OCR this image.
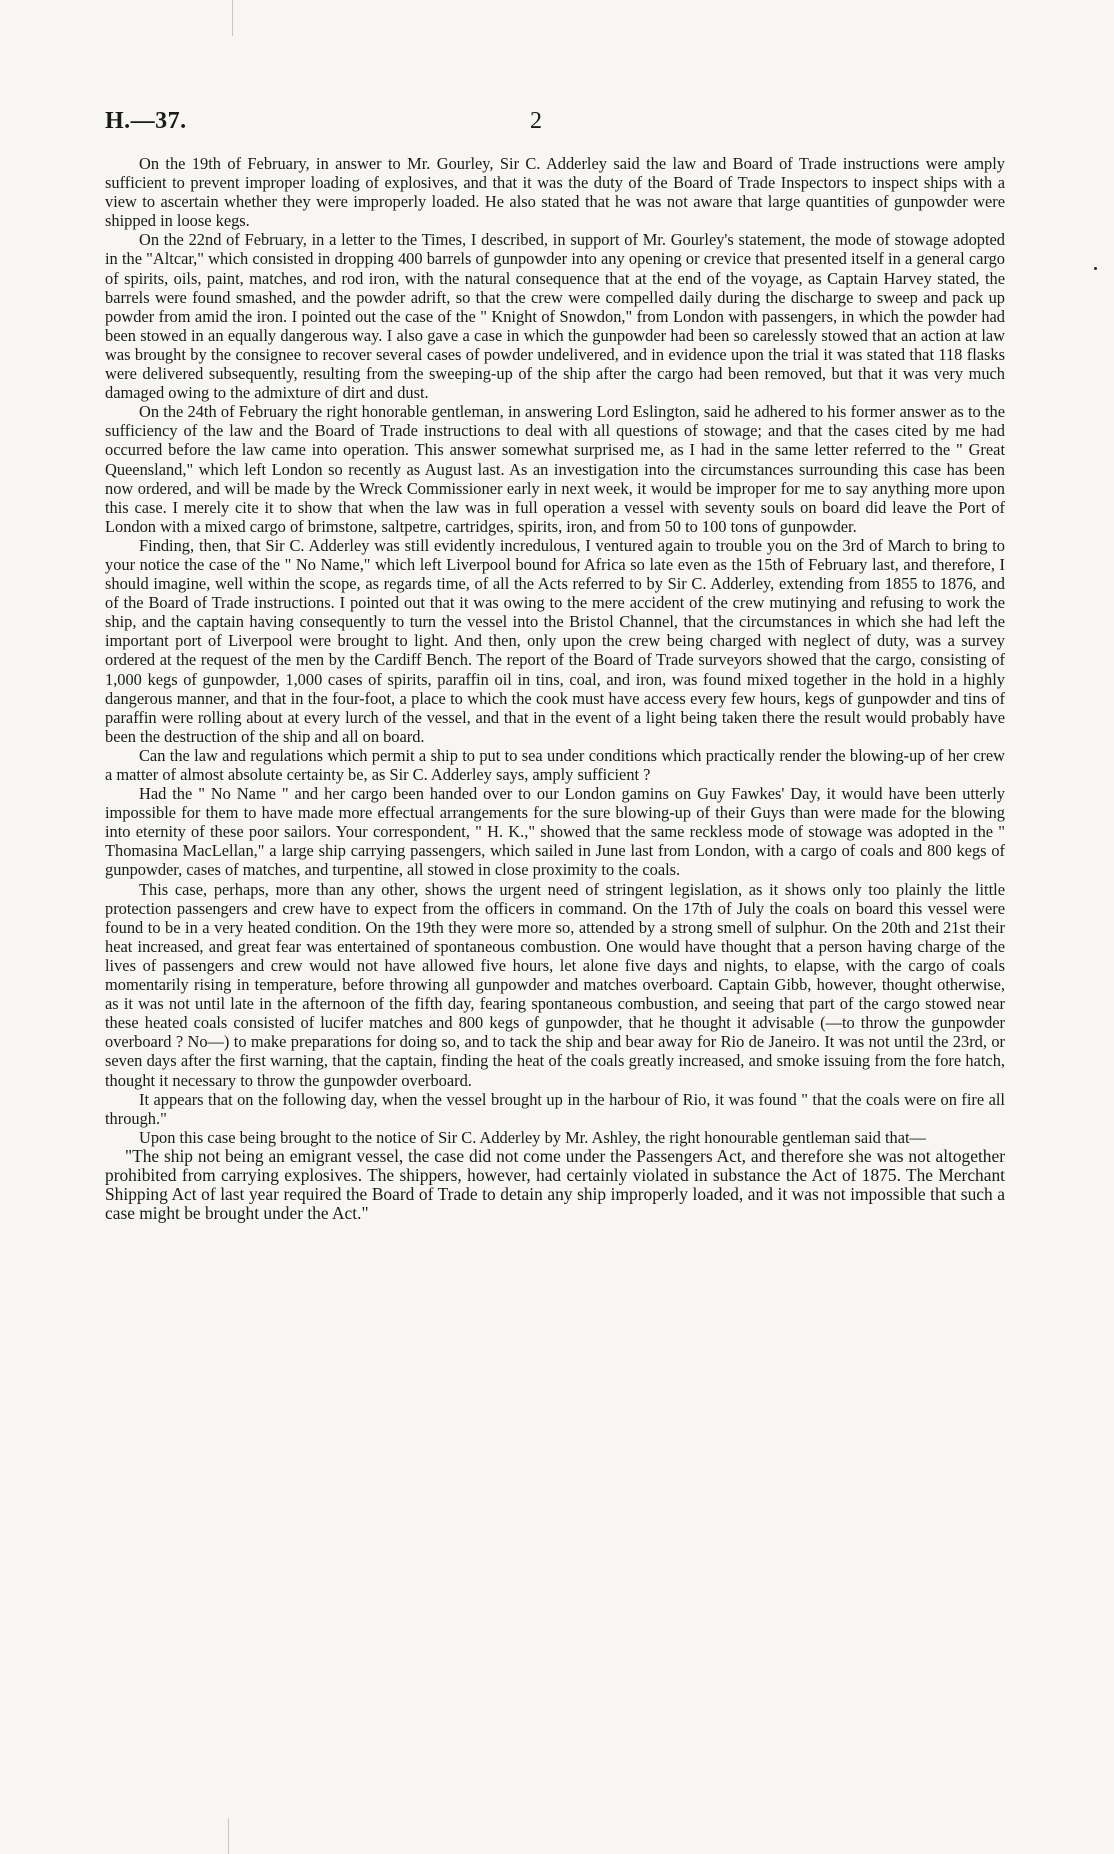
H.—37.	2

On the 19th of February, in answer to Mr. Gourley, Sir C. Adderley said the law and Board of Trade instructions were amply sufficient to prevent improper loading of explosives, and that it was the duty of the Board of Trade Inspectors to inspect ships with a view to ascertain whether they were improperly loaded. He also stated that he was not aware that large quantities of gunpowder were shipped in loose kegs.

On the 22nd of February, in a letter to the Times, I described, in support of Mr. Gourley's statement, the mode of stowage adopted in the "Altcar," which consisted in dropping 400 barrels of gunpowder into any opening or crevice that presented itself in a general cargo of spirits, oils, paint, matches, and rod iron, with the natural consequence that at the end of the voyage, as Captain Harvey stated, the barrels were found smashed, and the powder adrift, so that the crew were compelled daily during the discharge to sweep and pack up powder from amid the iron. I pointed out the case of the " Knight of Snowdon," from London with passengers, in which the powder had been stowed in an equally dangerous way. I also gave a case in which the gunpowder had been so carelessly stowed that an action at law was brought by the consignee to recover several cases of powder undelivered, and in evidence upon the trial it was stated that 118 flasks were delivered subsequently, resulting from the sweeping-up of the ship after the cargo had been removed, but that it was very much damaged owing to the admixture of dirt and dust.

On the 24th of February the right honorable gentleman, in answering Lord Eslington, said he adhered to his former answer as to the sufficiency of the law and the Board of Trade instructions to deal with all questions of stowage; and that the cases cited by me had occurred before the law came into operation. This answer somewhat surprised me, as I had in the same letter referred to the " Great Queensland," which left London so recently as August last. As an investigation into the circumstances surrounding this case has been now ordered, and will be made by the Wreck Commissioner early in next week, it would be improper for me to say anything more upon this case. I merely cite it to show that when the law was in full operation a vessel with seventy souls on board did leave the Port of London with a mixed cargo of brimstone, saltpetre, cartridges, spirits, iron, and from 50 to 100 tons of gunpowder.

Finding, then, that Sir C. Adderley was still evidently incredulous, I ventured again to trouble you on the 3rd of March to bring to your notice the case of the " No Name," which left Liverpool bound for Africa so late even as the 15th of February last, and therefore, I should imagine, well within the scope, as regards time, of all the Acts referred to by Sir C. Adderley, extending from 1855 to 1876, and of the Board of Trade instructions. I pointed out that it was owing to the mere accident of the crew mutinying and refusing to work the ship, and the captain having consequently to turn the vessel into the Bristol Channel, that the circumstances in which she had left the important port of Liverpool were brought to light. And then, only upon the crew being charged with neglect of duty, was a survey ordered at the request of the men by the Cardiff Bench. The report of the Board of Trade surveyors showed that the cargo, consisting of 1,000 kegs of gunpowder, 1,000 cases of spirits, paraffin oil in tins, coal, and iron, was found mixed together in the hold in a highly dangerous manner, and that in the four-foot, a place to which the cook must have access every few hours, kegs of gunpowder and tins of paraffin were rolling about at every lurch of the vessel, and that in the event of a light being taken there the result would probably have been the destruction of the ship and all on board.

Can the law and regulations which permit a ship to put to sea under conditions which practically render the blowing-up of her crew a matter of almost absolute certainty be, as Sir C. Adderley says, amply sufficient ?

Had the " No Name " and her cargo been handed over to our London gamins on Guy Fawkes' Day, it would have been utterly impossible for them to have made more effectual arrangements for the sure blowing-up of their Guys than were made for the blowing into eternity of these poor sailors. Your correspondent, " H. K.," showed that the same reckless mode of stowage was adopted in the " Thomasina MacLellan," a large ship carrying passengers, which sailed in June last from London, with a cargo of coals and 800 kegs of gunpowder, cases of matches, and turpentine, all stowed in close proximity to the coals.

This case, perhaps, more than any other, shows the urgent need of stringent legislation, as it shows only too plainly the little protection passengers and crew have to expect from the officers in command. On the 17th of July the coals on board this vessel were found to be in a very heated condition. On the 19th they were more so, attended by a strong smell of sulphur. On the 20th and 21st their heat increased, and great fear was entertained of spontaneous combustion. One would have thought that a person having charge of the lives of passengers and crew would not have allowed five hours, let alone five days and nights, to elapse, with the cargo of coals momentarily rising in temperature, before throwing all gunpowder and matches overboard. Captain Gibb, however, thought otherwise, as it was not until late in the afternoon of the fifth day, fearing spontaneous combustion, and seeing that part of the cargo stowed near these heated coals consisted of lucifer matches and 800 kegs of gunpowder, that he thought it advisable (—to throw the gunpowder overboard ? No—) to make preparations for doing so, and to tack the ship and bear away for Rio de Janeiro. It was not until the 23rd, or seven days after the first warning, that the captain, finding the heat of the coals greatly increased, and smoke issuing from the fore hatch, thought it necessary to throw the gunpowder overboard.

It appears that on the following day, when the vessel brought up in the harbour of Rio, it was found " that the coals were on fire all through."

Upon this case being brought to the notice of Sir C. Adderley by Mr. Ashley, the right honourable gentleman said that—

"The ship not being an emigrant vessel, the case did not come under the Passengers Act, and therefore she was not altogether prohibited from carrying explosives. The shippers, however, had certainly violated in substance the Act of 1875. The Merchant Shipping Act of last year required the Board of Trade to detain any ship improperly loaded, and it was not impossible that such a case might be brought under the Act."
